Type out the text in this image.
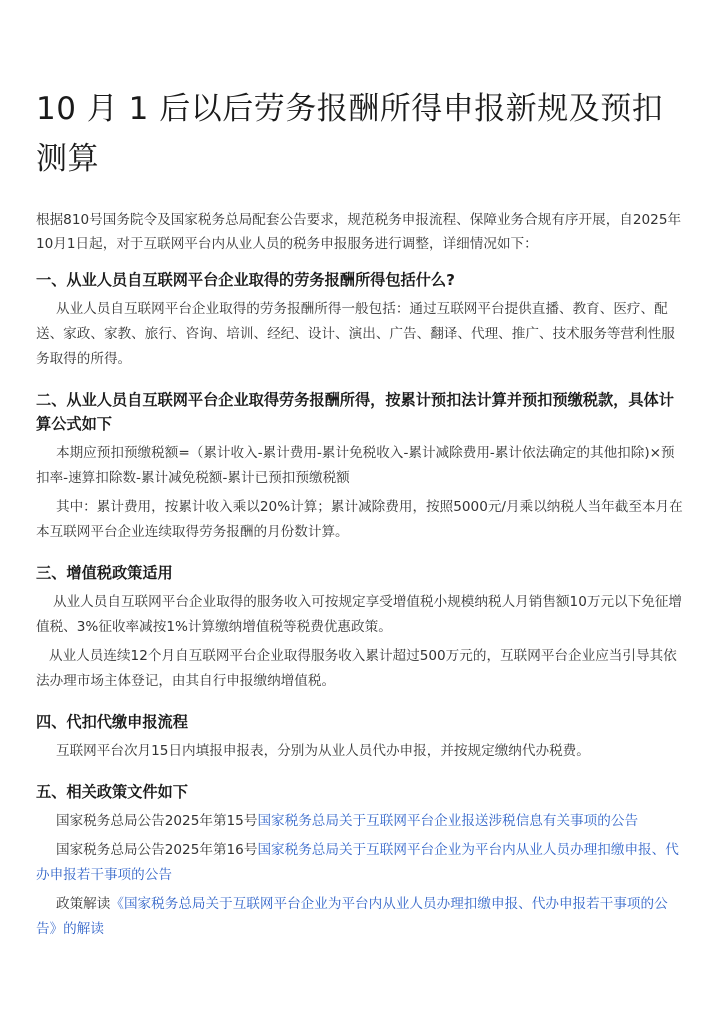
10 月 1 后以后劳务报酬所得申报新规及预扣测算

根据810号国务院令及国家税务总局配套公告要求，规范税务申报流程、保障业务合规有序开展，自2025年10月1日起，对于互联网平台内从业人员的税务申报服务进行调整，详细情况如下：

一、从业人员自互联网平台企业取得的劳务报酬所得包括什么?

从业人员自互联网平台企业取得的劳务报酬所得一般包括：通过互联网平台提供直播、教育、医疗、配送、家政、家教、旅行、咨询、培训、经纪、设计、演出、广告、翻译、代理、推广、技术服务等营利性服务取得的所得。

二、从业人员自互联网平台企业取得劳务报酬所得，按累计预扣法计算并预扣预缴税款，具体计算公式如下

本期应预扣预缴税额=（累计收入-累计费用-累计免税收入-累计减除费用-累计依法确定的其他扣除)×预扣率-速算扣除数-累计减免税额-累计已预扣预缴税额

其中：累计费用，按累计收入乘以20%计算；累计减除费用，按照5000元/月乘以纳税人当年截至本月在本互联网平台企业连续取得劳务报酬的月份数计算。

三、增值税政策适用

从业人员自互联网平台企业取得的服务收入可按规定享受增值税小规模纳税人月销售额10万元以下免征增值税、3%征收率减按1%计算缴纳增值税等税费优惠政策。

从业人员连续12个月自互联网平台企业取得服务收入累计超过500万元的，互联网平台企业应当引导其依法办理市场主体登记，由其自行申报缴纳增值税。

四、代扣代缴申报流程

互联网平台次月15日内填报申报表，分别为从业人员代办申报，并按规定缴纳代办税费。

五、相关政策文件如下

国家税务总局公告2025年第15号国家税务总局关于互联网平台企业报送涉税信息有关事项的公告

国家税务总局公告2025年第16号国家税务总局关于互联网平台企业为平台内从业人员办理扣缴申报、代办申报若干事项的公告

政策解读《国家税务总局关于互联网平台企业为平台内从业人员办理扣缴申报、代办申报若干事项的公告》的解读
